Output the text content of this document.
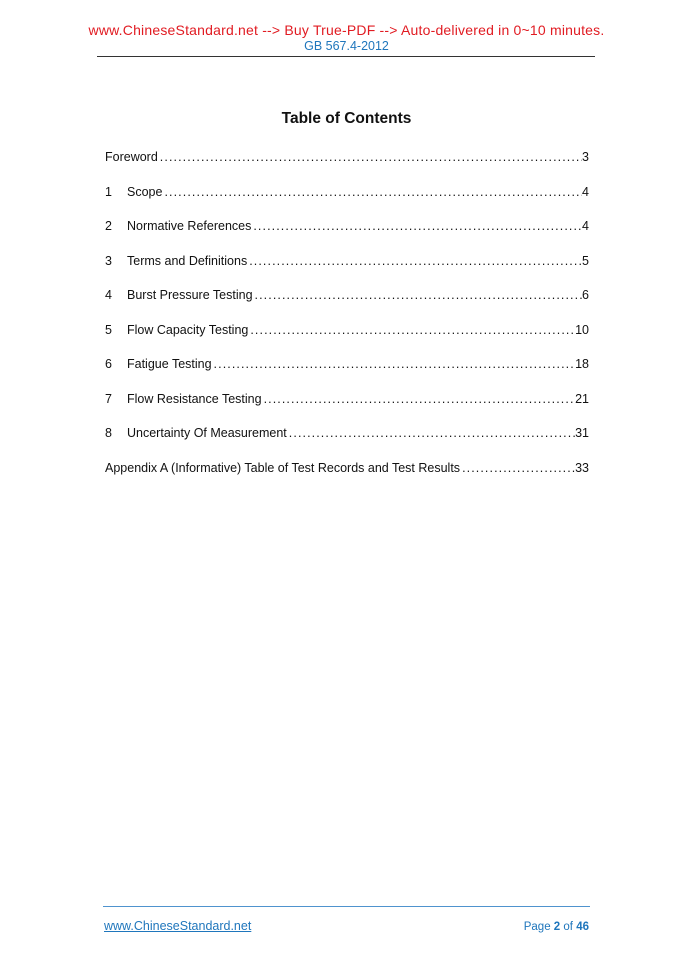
www.ChineseStandard.net --> Buy True-PDF --> Auto-delivered in 0~10 minutes.
GB 567.4-2012
Table of Contents
Foreword .....	3
1	Scope .....	4
2	Normative References .....	4
3	Terms and Definitions .....	5
4	Burst Pressure Testing .....	6
5	Flow Capacity Testing .....	10
6	Fatigue Testing .....	18
7	Flow Resistance Testing .....	21
8	Uncertainty Of Measurement .....	31
Appendix A (Informative) Table of Test Records and Test Results .....	33
www.ChineseStandard.net	Page 2 of 46
